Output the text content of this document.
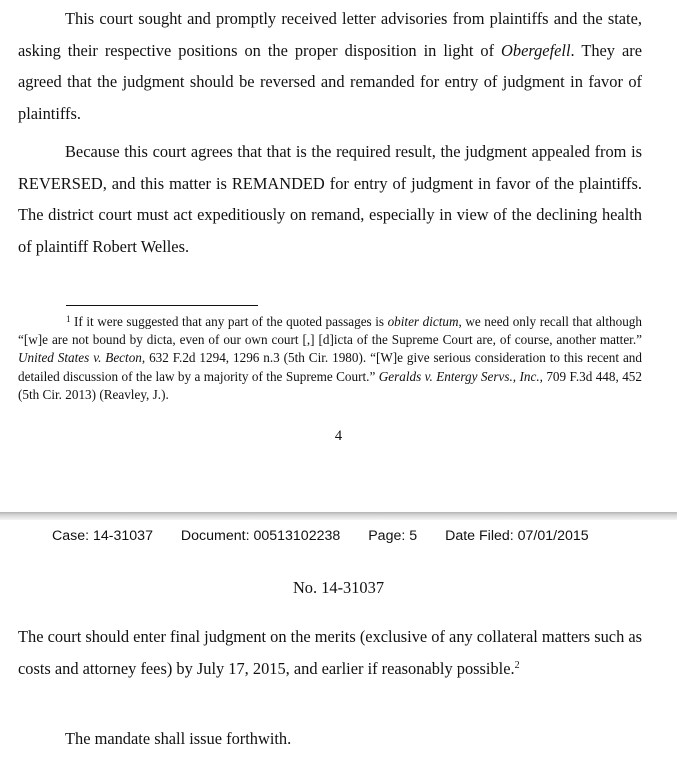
This court sought and promptly received letter advisories from plaintiffs and the state, asking their respective positions on the proper disposition in light of Obergefell. They are agreed that the judgment should be reversed and remanded for entry of judgment in favor of plaintiffs.

Because this court agrees that that is the required result, the judgment appealed from is REVERSED, and this matter is REMANDED for entry of judgment in favor of the plaintiffs. The district court must act expeditiously on remand, especially in view of the declining health of plaintiff Robert Welles.

$^1$ If it were suggested that any part of the quoted passages is obiter dictum, we need only recall that although “[w]e are not bound by dicta, even of our own court [,] [d]icta of the Supreme Court are, of course, another matter.” United States v. Becton, 632 F.2d 1294, 1296 n.3 (5th Cir. 1980). “[W]e give serious consideration to this recent and detailed discussion of the law by a majority of the Supreme Court.” Geralds v. Entergy Servs., Inc., 709 F.3d 448, 452 (5th Cir. 2013) (Reavley, J.).

4
Case: 14-31037 Document: 00513102238 Page: 5 Date Filed: 07/01/2015
No. 14-31037

The court should enter final judgment on the merits (exclusive of any collateral matters such as costs and attorney fees) by July 17, 2015, and earlier if reasonably possible.$^2$

The mandate shall issue forthwith.
